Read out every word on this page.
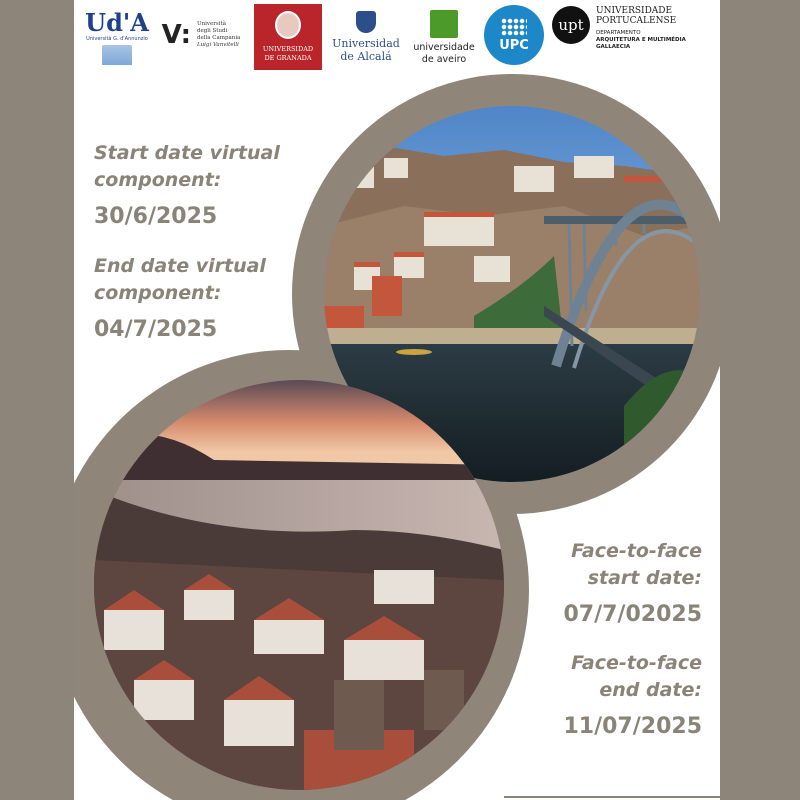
Ud'A
Università G. d'Annunzio V: Università
degli Studi
della Campania
Luigi Vanvitelli	UNIVERSIDAD
DE GRANADA
Universidad
de Alcalá
universidade
de aveiro
UPC
upt
UNIVERSIDADE
PORTUCALENSE
DEPARTAMENTO
ARQUITETURA E MULTIMÉDIA
GALLAECIA
Start date virtual
component:
30/6/2025
End date virtual
component:
04/7/2025
Face-to-face
start date:
07/7/02025
Face-to-face
end date:
11/07/2025
